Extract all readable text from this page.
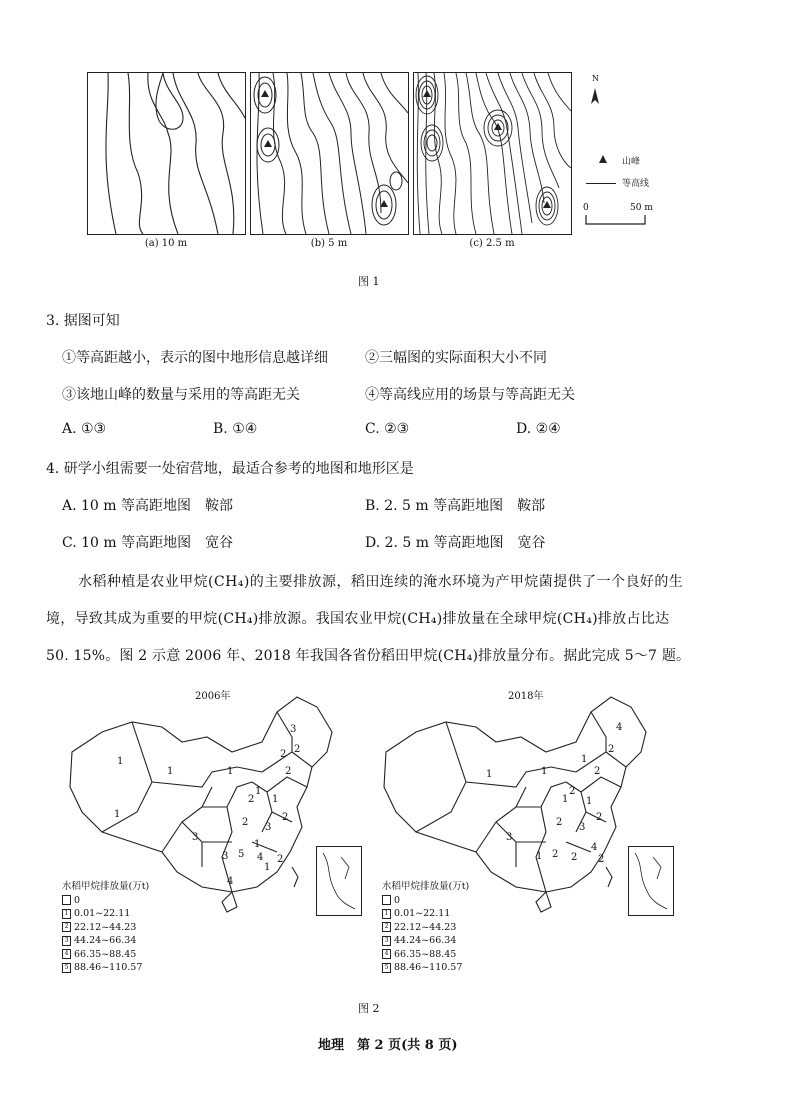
(a) 10 m	(b) 5 m	(c) 2.5 m
N
山峰
等高线
0	50 m
图 1
3. 据图可知
①等高距越小，表示的图中地形信息越详细	②三幅图的实际面积大小不同
③该地山峰的数量与采用的等高距无关	④等高线应用的场景与等高距无关
A. ①③	B. ①④	C. ②③	D. ②④
4. 研学小组需要一处宿营地，最适合参考的地图和地形区是
A. 10 m 等高距地图　鞍部	B. 2. 5 m 等高距地图　鞍部
C. 10 m 等高距地图　宽谷	D. 2. 5 m 等高距地图　宽谷
水稻种植是农业甲烷(CH₄)的主要排放源，稻田连续的淹水环境为产甲烷菌提供了一个良好的生
境，导致其成为重要的甲烷(CH₄)排放源。我国农业甲烷(CH₄)排放量在全球甲烷(CH₄)排放占比达
50. 15%。图 2 示意 2006 年、2018 年我国各省份稻田甲烷(CH₄)排放量分布。据此完成 5～7 题。
2006年	2018年
1
1
1	1
3
2
2
2
1
1
3
2 3
2
3
1
5 4 2
4
1
2
水稻甲烷排放量(万t)
0
1 0.01~22.11
2 22.12~44.23
3 44.24~66.34
4 66.35~88.45
5 88.46~110.57
4
2
1
2
1	1
2
1
3
2 3
2
1 2 2
4
1
2
水稻甲烷排放量(万t)
0
1 0.01~22.11
2 22.12~44.23
3 44.24~66.34
4 66.35~88.45
5 88.46~110.57
图 2
地理　第 2 页(共 8 页)
